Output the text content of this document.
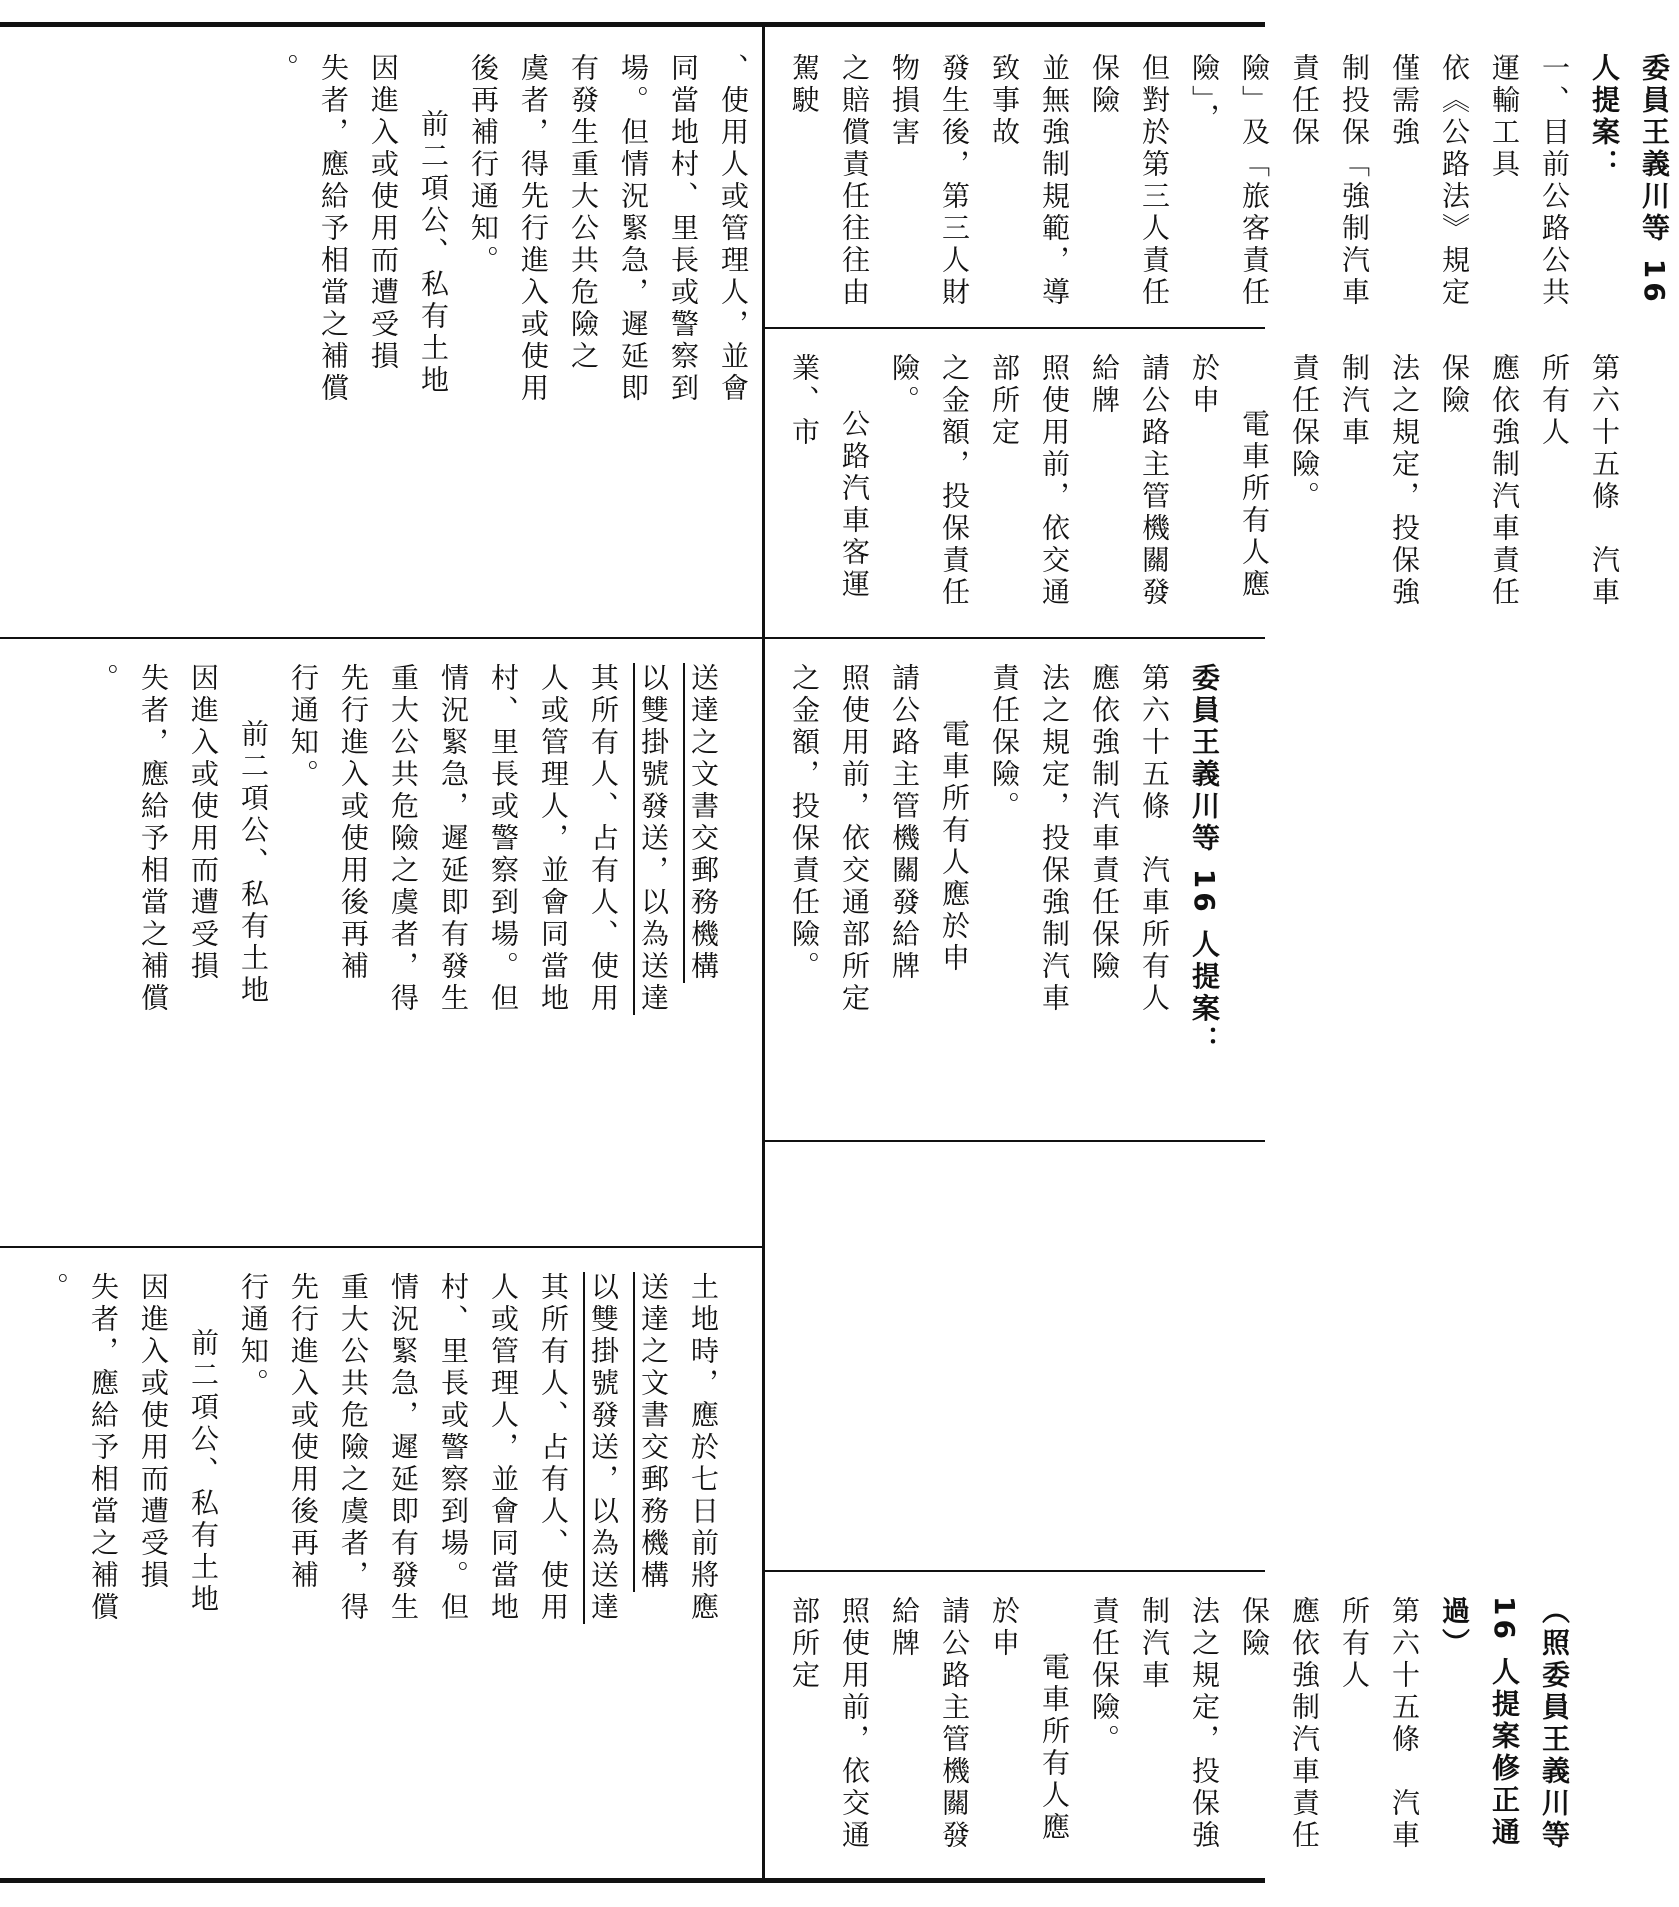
土地時，應於七日前將應

送達之文書交郵務機構

以雙掛號發送，以為送達

其所有人、占有人、使用

人或管理人，並會同當地

村、里長或警察到場。但

情況緊急，遲延即有發生

重大公共危險之虞者，得

先行進入或使用後再補

行通知。

前二項公、私有土地

因進入或使用而遭受損

失者，應給予相當之補償

。

送達之文書交郵務機構

以雙掛號發送，以為送達

其所有人、占有人、使用

人或管理人，並會同當地

村、里長或警察到場。但

情況緊急，遲延即有發生

重大公共危險之虞者，得

先行進入或使用後再補

行通知。

前二項公、私有土地

因進入或使用而遭受損

失者，應給予相當之補償

。

、使用人或管理人，並會

同當地村、里長或警察到

場。但情況緊急，遲延即

有發生重大公共危險之

虞者，得先行進入或使用

後再補行通知。

前二項公、私有土地

因進入或使用而遭受損

失者，應給予相當之補償

。

（照委員王義川等 16 人提案修正通過）

第六十五條　汽車所有人

應依強制汽車責任保險

法之規定，投保強制汽車

責任保險。

電車所有人應於申

請公路主管機關發給牌

照使用前，依交通部所定

委員王義川等 16 人提案：

第六十五條　汽車所有人

應依強制汽車責任保險

法之規定，投保強制汽車

責任保險。

電車所有人應於申

請公路主管機關發給牌

照使用前，依交通部所定

之金額，投保責任險。

第六十五條　汽車所有人

應依強制汽車責任保險

法之規定，投保強制汽車

責任保險。

電車所有人應於申

請公路主管機關發給牌

照使用前，依交通部所定

之金額，投保責任險。

公路汽車客運業、市

委員王義川等 16 人提案：

一、目前公路公共運輸工具

依《公路法》規定僅需強

制投保「強制汽車責任保

險」及「旅客責任險」，

但對於第三人責任保險

並無強制規範，導致事故

發生後，第三人財物損害

之賠償責任往往由駕駛
